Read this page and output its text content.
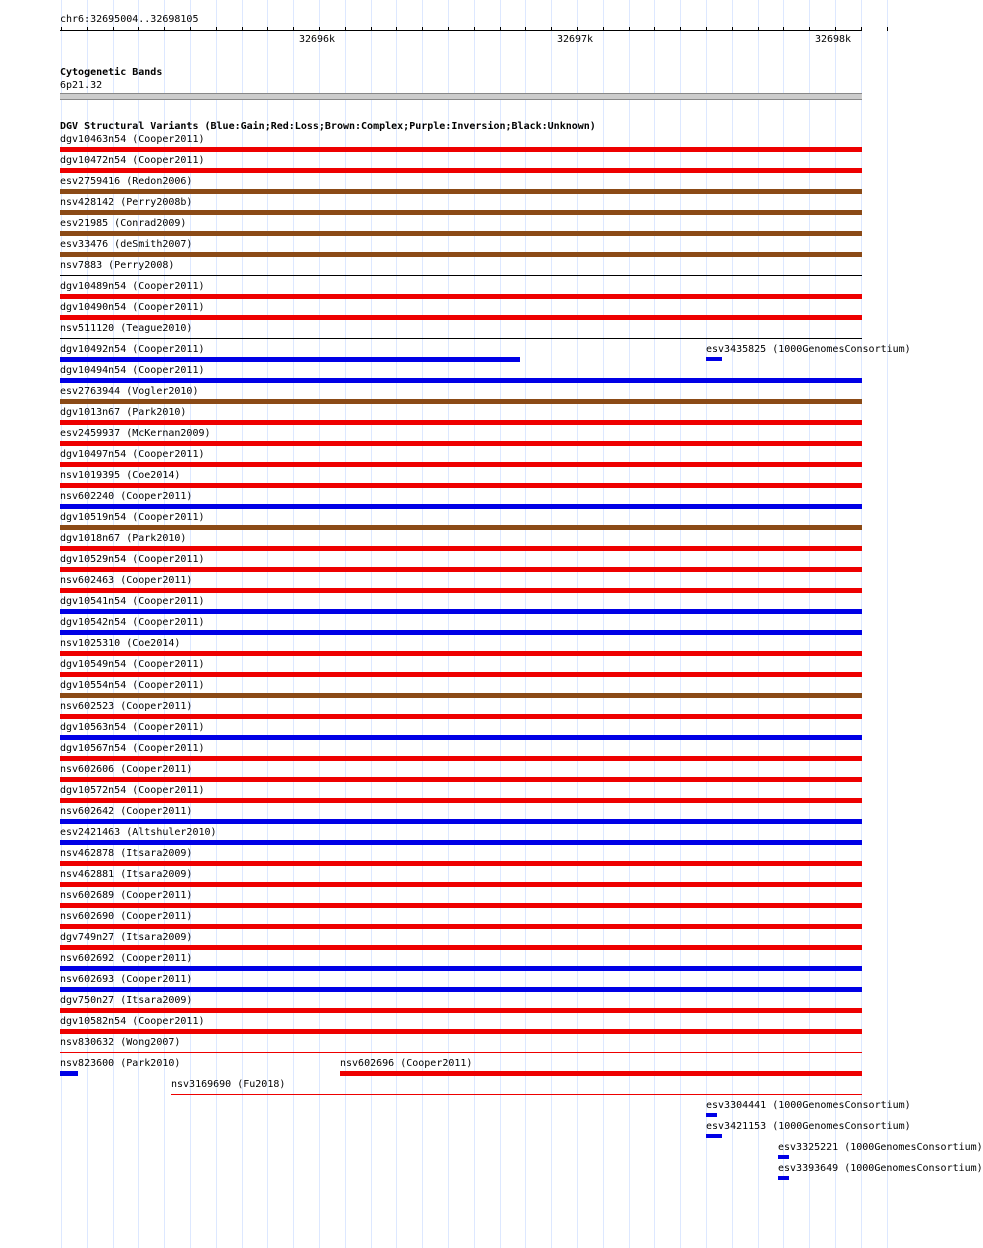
chr6:32695004..32698105
Cytogenetic Bands
6p21.32
DGV Structural Variants (Blue:Gain;Red:Loss;Brown:Complex;Purple:Inversion;Black:Unknown)
dgv10463n54 (Cooper2011)
dgv10472n54 (Cooper2011)
esv2759416 (Redon2006)
nsv428142 (Perry2008b)
esv21985 (Conrad2009)
esv33476 (deSmith2007)
nsv7883 (Perry2008)
dgv10489n54 (Cooper2011)
dgv10490n54 (Cooper2011)
nsv511120 (Teague2010)
dgv10492n54 (Cooper2011)	esv3435825 (1000GenomesConsortium)
dgv10494n54 (Cooper2011)
esv2763944 (Vogler2010)
dgv1013n67 (Park2010)
esv2459937 (McKernan2009)
dgv10497n54 (Cooper2011)
nsv1019395 (Coe2014)
nsv602240 (Cooper2011)
dgv10519n54 (Cooper2011)
dgv1018n67 (Park2010)
dgv10529n54 (Cooper2011)
nsv602463 (Cooper2011)
dgv10541n54 (Cooper2011)
dgv10542n54 (Cooper2011)
nsv1025310 (Coe2014)
dgv10549n54 (Cooper2011)
dgv10554n54 (Cooper2011)
nsv602523 (Cooper2011)
dgv10563n54 (Cooper2011)
dgv10567n54 (Cooper2011)
nsv602606 (Cooper2011)
dgv10572n54 (Cooper2011)
nsv602642 (Cooper2011)
esv2421463 (Altshuler2010)
nsv462878 (Itsara2009)
nsv462881 (Itsara2009)
nsv602689 (Cooper2011)
nsv602690 (Cooper2011)
dgv749n27 (Itsara2009)
nsv602692 (Cooper2011)
nsv602693 (Cooper2011)
dgv750n27 (Itsara2009)
dgv10582n54 (Cooper2011)
nsv830632 (Wong2007)
nsv823600 (Park2010)	nsv602696 (Cooper2011)
nsv3169690 (Fu2018)
esv3304441 (1000GenomesConsortium)
esv3421153 (1000GenomesConsortium)
esv3325221 (1000GenomesConsortium)
esv3393649 (1000GenomesConsortium)
32696k	32697k	32698k
